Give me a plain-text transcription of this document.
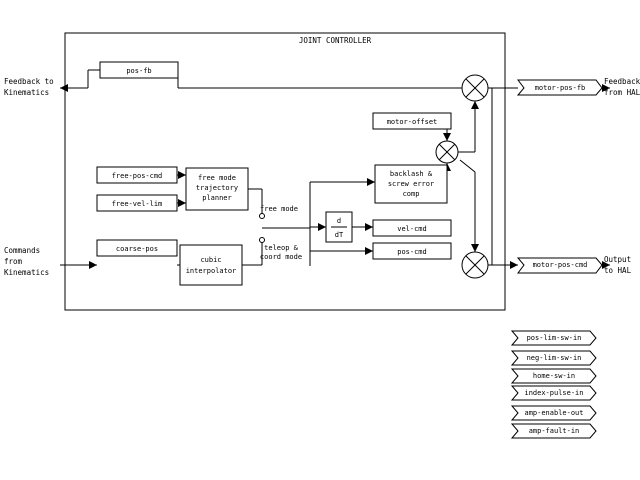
JOINT CONTROLLER
pos-fb
motor-offset
free-pos-cmd
free-vel-lim
coarse-pos
vel-cmd
pos-cmd
free mode
trajectory
planner
cubic
interpolator
backlash &
screw error
comp
d
dT
free mode
teleop &
coord mode
motor-pos-fb
motor-pos-cmd
pos-lim-sw-in
neg-lim-sw-in
home-sw-in
index-pulse-in
amp-enable-out
amp-fault-in
Feedback to
Kinematics
Commands
from
Kinematics
Feedback
from HAL
Output
to HAL
